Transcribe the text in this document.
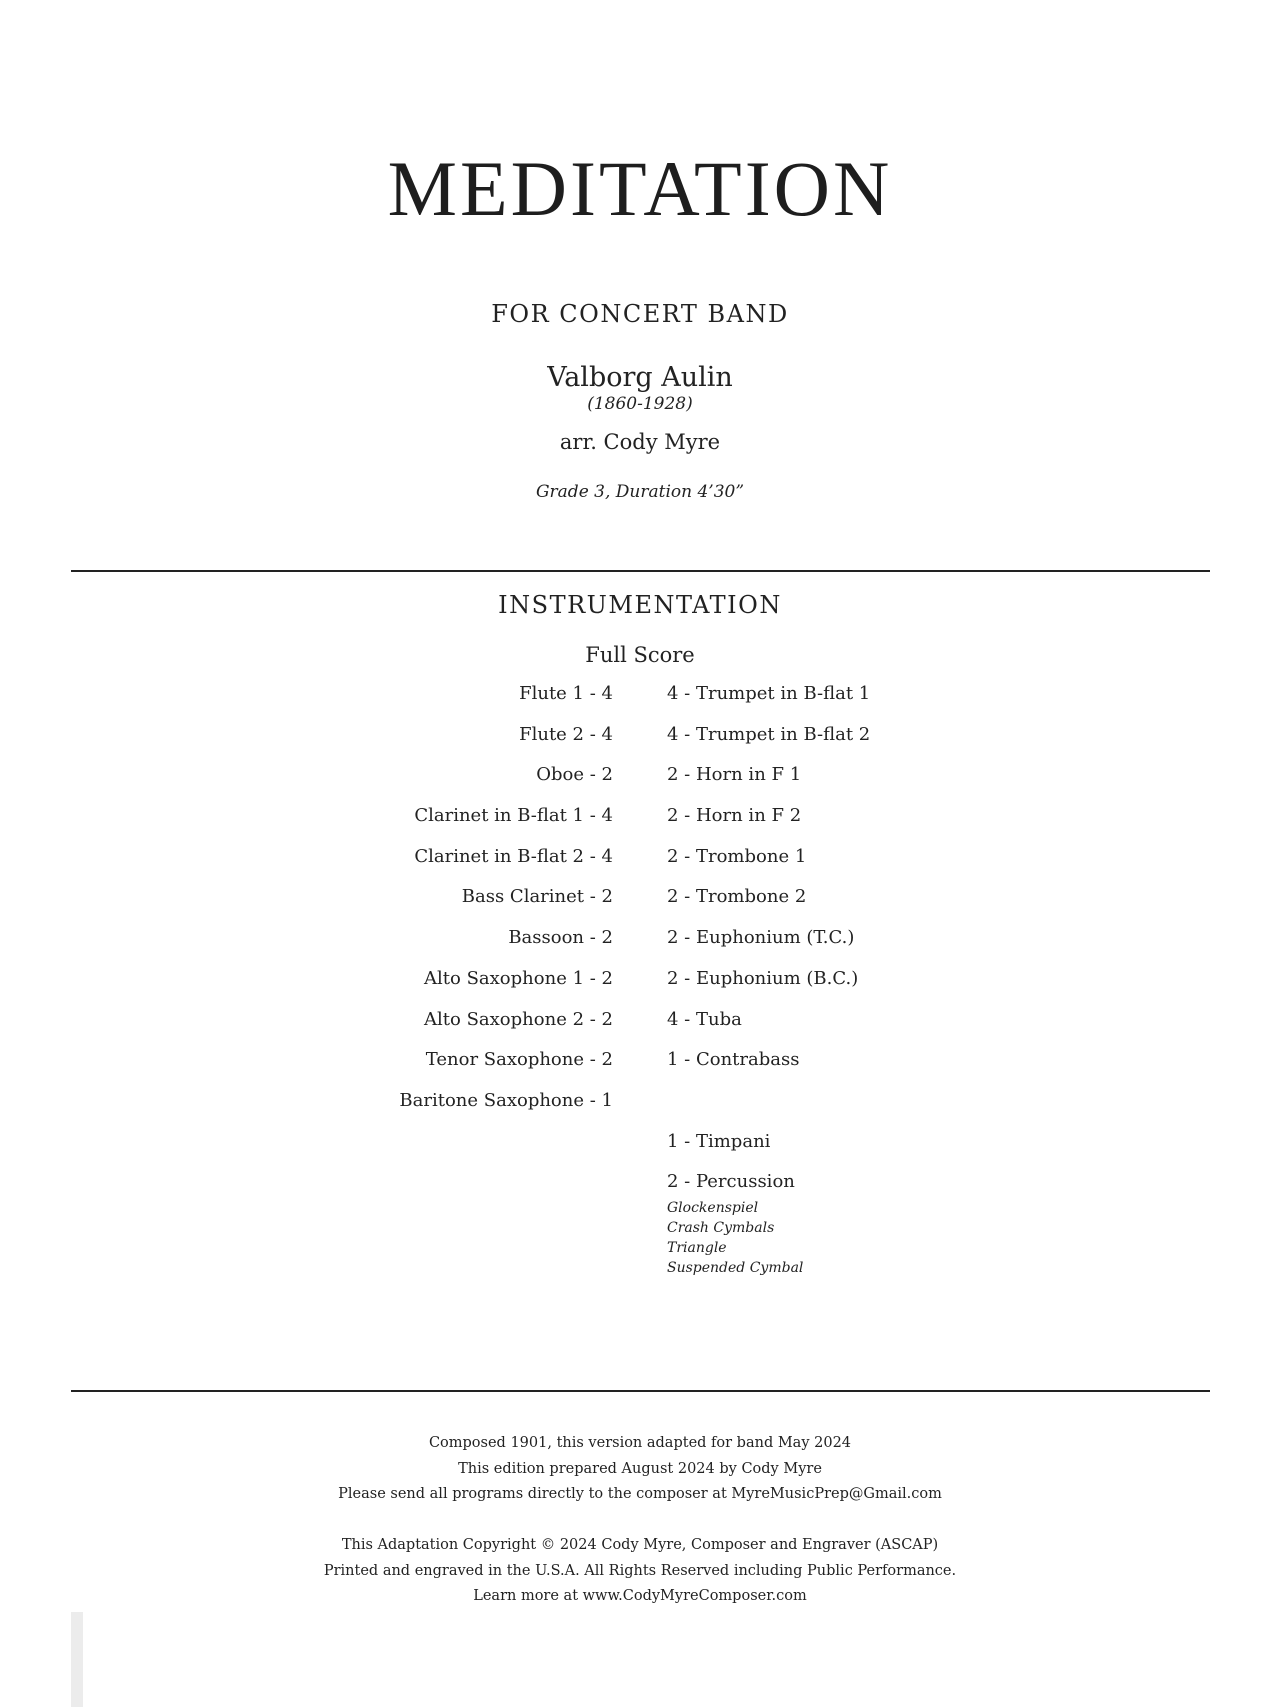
MEDITATION
FOR CONCERT BAND
Valborg Aulin
(1860-1928)
arr. Cody Myre
Grade 3, Duration 4’30”
INSTRUMENTATION
Full Score
Flute 1 - 4
Flute 2 - 4
Oboe - 2
Clarinet in B-flat 1 - 4
Clarinet in B-flat 2 - 4
Bass Clarinet - 2
Bassoon - 2
Alto Saxophone 1 - 2
Alto Saxophone 2 - 2
Tenor Saxophone - 2
Baritone Saxophone - 1
4 - Trumpet in B-flat 1
4 - Trumpet in B-flat 2
2 - Horn in F 1
2 - Horn in F 2
2 - Trombone 1
2 - Trombone 2
2 - Euphonium (T.C.)
2 - Euphonium (B.C.)
4 - Tuba
1 - Contrabass
1 - Timpani
2 - Percussion
Glockenspiel
Crash Cymbals
Triangle
Suspended Cymbal
Composed 1901, this version adapted for band May 2024
This edition prepared August 2024 by Cody Myre
Please send all programs directly to the composer at MyreMusicPrep@Gmail.com
This Adaptation Copyright © 2024 Cody Myre, Composer and Engraver (ASCAP)
Printed and engraved in the U.S.A. All Rights Reserved including Public Performance.
Learn more at www.CodyMyreComposer.com
